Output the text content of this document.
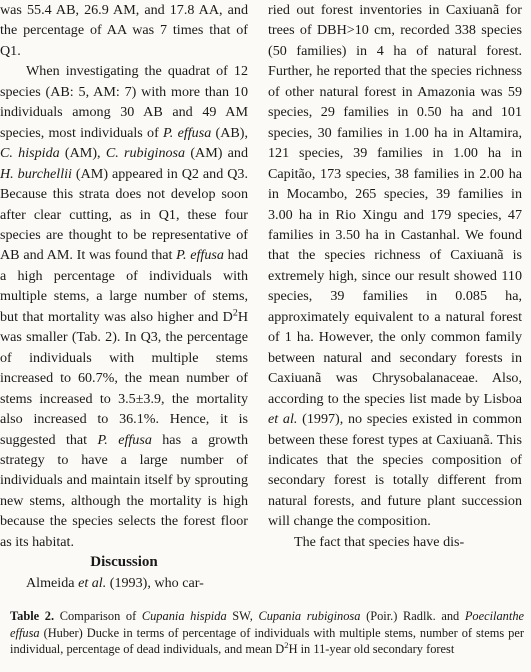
was 55.4 AB, 26.9 AM, and 17.8 AA, and the percentage of AA was 7 times that of Q1.

When investigating the quadrat of 12 species (AB: 5, AM: 7) with more than 10 individuals among 30 AB and 49 AM species, most individuals of P. effusa (AB), C. hispida (AM), C. rubiginosa (AM) and H. burchellii (AM) appeared in Q2 and Q3. Because this strata does not develop soon after clear cutting, as in Q1, these four species are thought to be representative of AB and AM. It was found that P. effusa had a high percentage of individuals with multiple stems, a large number of stems, but that mortality was also higher and $D^2H$ was smaller (Tab. 2). In Q3, the percentage of individuals with multiple stems increased to 60.7%, the mean number of stems increased to 3.5±3.9, the mortality also increased to 36.1%. Hence, it is suggested that P. effusa has a growth strategy to have a large number of individuals and maintain itself by sprouting new stems, although the mortality is high because the species selects the forest floor as its habitat.

Discussion

Almeida et al. (1993), who car-

ried out forest inventories in Caxiuanã for trees of DBH>10 cm, recorded 338 species (50 families) in 4 ha of natural forest. Further, he reported that the species richness of other natural forest in Amazonia was 59 species, 29 families in 0.50 ha and 101 species, 30 families in 1.00 ha in Altamira, 121 species, 39 families in 1.00 ha in Capitão, 173 species, 38 families in 2.00 ha in Mocambo, 265 species, 39 families in 3.00 ha in Rio Xingu and 179 species, 47 families in 3.50 ha in Castanhal. We found that the species richness of Caxiuanã is extremely high, since our result showed 110 species, 39 families in 0.085 ha, approximately equivalent to a natural forest of 1 ha. However, the only common family between natural and secondary forests in Caxiuanã was Chrysobalanaceae. Also, according to the species list made by Lisboa et al. (1997), no species existed in common between these forest types at Caxiuanã. This indicates that the species composition of secondary forest is totally different from natural forests, and future plant succession will change the composition.

The fact that species have dis-

Table 2. Comparison of Cupania hispida SW, Cupania rubiginosa (Poir.) Radlk. and Poecilanthe effusa (Huber) Ducke in terms of percentage of individuals with multiple stems, number of stems per individual, percentage of dead individuals, and mean $D^2H$ in 11-year old secondary forest
